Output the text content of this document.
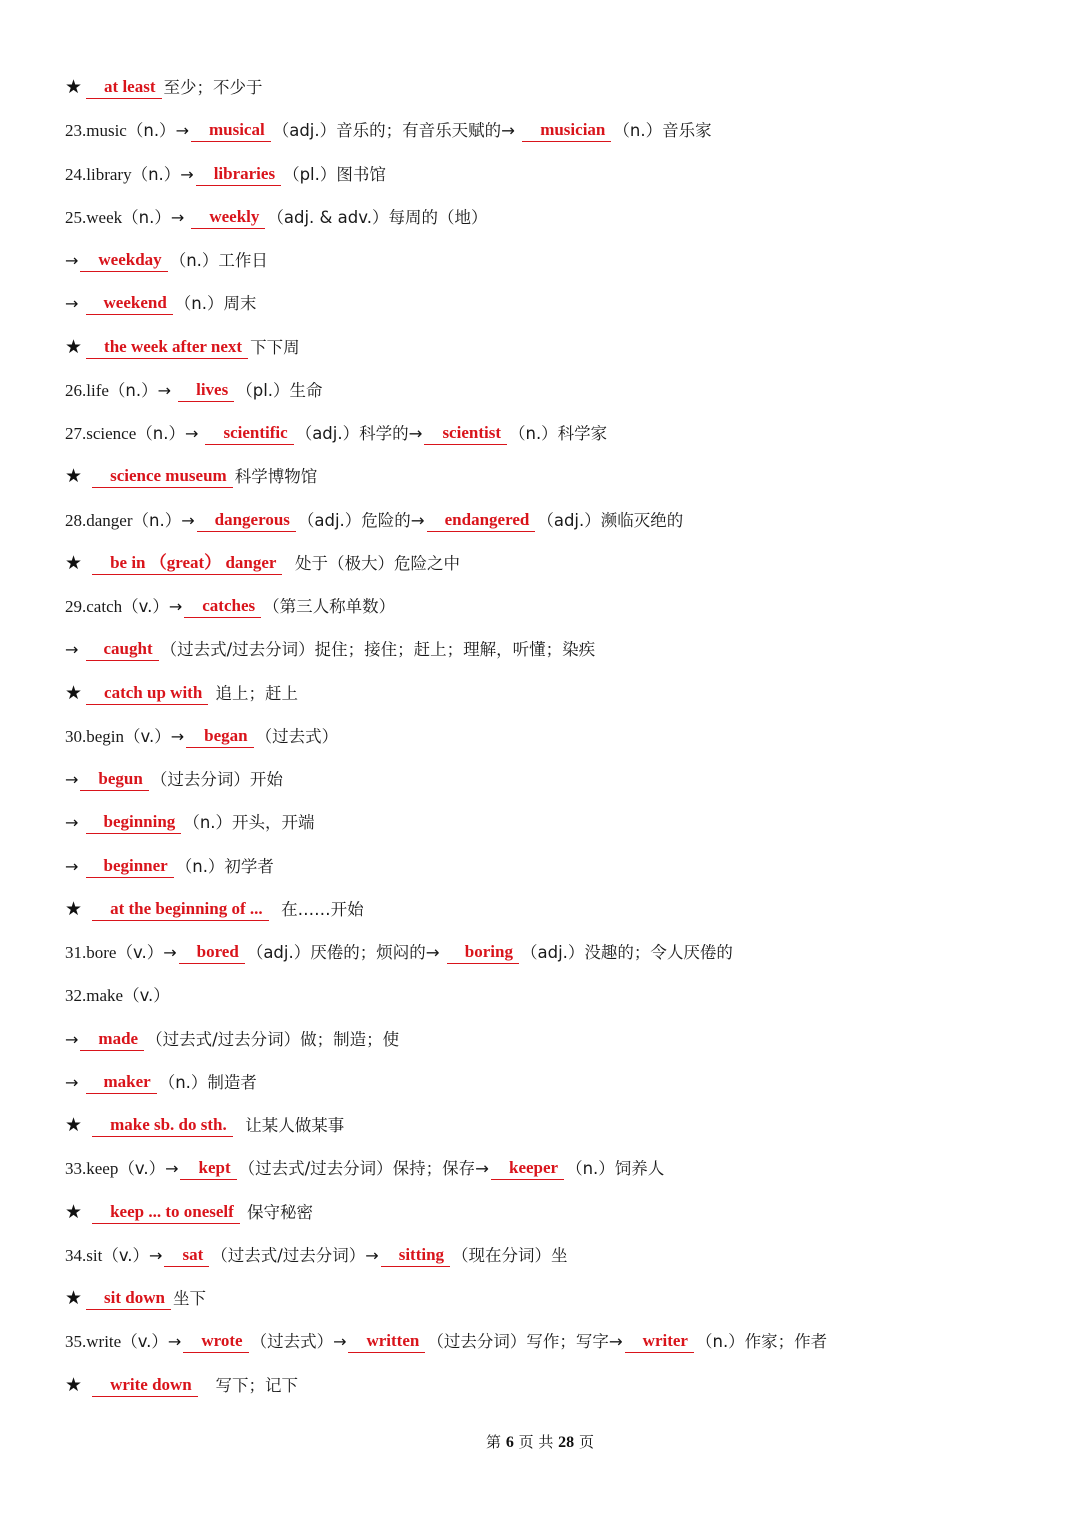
★	at least 至少；不少于
23.music （n.） →	musical （adj.）音乐的；有音乐天赋的→	musician （n.）音乐家
24.library （n.） →	libraries （pl.）图书馆
25.week （n.） →	weekly （adj. & adv.）每周的（地）
→	weekday （n.）工作日
→	weekend （n.）周末
★	the week after next 下下周
26.life （n.） →	lives （pl.）生命
27.science （n.） →	scientific （adj.）科学的→	scientist （n.）科学家
★	science museum 科学博物馆
28.danger （n.） →	dangerous （adj.）危险的→	endangered （adj.）濒临灭绝的
★	be in （great） danger 处于（极大）危险之中
29.catch （v.） →	catches （第三人称单数）
→	caught （过去式/过去分词）捉住；接住；赶上；理解，听懂；染疾
★	catch up with 追上；赶上
30.begin （v.） →	began （过去式）
→	begun （过去分词）开始
→	beginning （n.）开头，开端
→	beginner （n.）初学者
★	at the beginning of ... 在……开始
31.bore （v.） →	bored （adj.）厌倦的；烦闷的→	boring （adj.）没趣的；令人厌倦的
32.make （v.）
→	made （过去式/过去分词）做；制造；使
→	maker （n.）制造者
★	make sb. do sth. 让某人做某事
33.keep （v.） →	kept （过去式/过去分词）保持；保存→	keeper （n.）饲养人
★	keep ... to oneself 保守秘密
34.sit （v.） →	sat （过去式/过去分词） →	sitting （现在分词）坐
★	sit down 坐下
35.write （v.） →	wrote （过去式） →	written （过去分词）写作；写字→	writer （n.）作家；作者
★	write down 写下；记下
第 6 页 共 28 页
